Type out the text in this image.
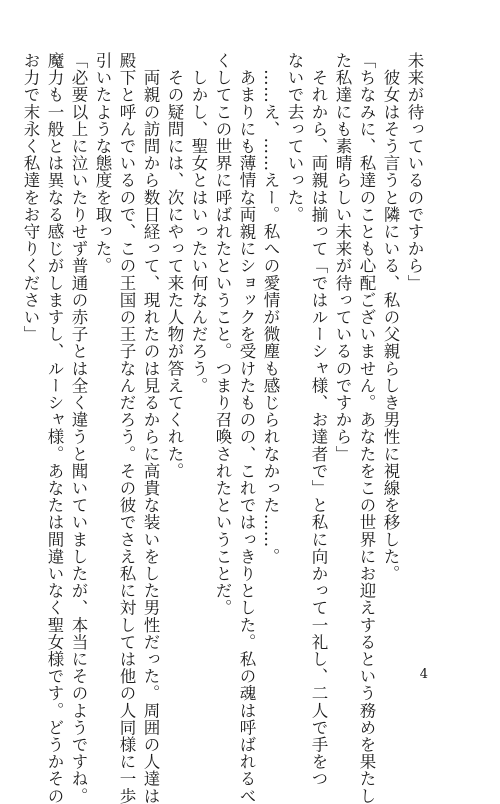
未来が待っているのですから」
　彼女はそう言うと隣にいる、私の父親らしき男性に視線を移した。
「ちなみに、私達のことも心配ございません。あなたをこの世界にお迎えするという務めを果たし
た私達にも素晴らしい未来が待っているのですから」
　それから、両親は揃って「ではルーシャ様、お達者で」と私に向かって一礼し、二人で手をつ
ないで去っていった。
　……え、……えー。私への愛情が微塵も感じられなかった……。
　あまりにも薄情な両親にショックを受けたものの、これではっきりとした。私の魂は呼ばれるべ
くしてこの世界に呼ばれたということ。つまり召喚されたということだ。
　しかし、聖女とはいったい何なんだろう。
　その疑問には、次にやって来た人物が答えてくれた。
　両親の訪問から数日経って、現れたのは見るからに高貴な装いをした男性だった。周囲の人達は
殿下と呼んでいるので、この王国の王子なんだろう。その彼でさえ私に対しては他の人同様に一歩
引いたような態度を取った。
「必要以上に泣いたりせず普通の赤子とは全く違うと聞いていましたが、本当にそのようですね。
魔力も一般とは異なる感じがしますし、ルーシャ様。あなたは間違いなく聖女様です。どうかその
お力で末永く私達をお守りください」
4
